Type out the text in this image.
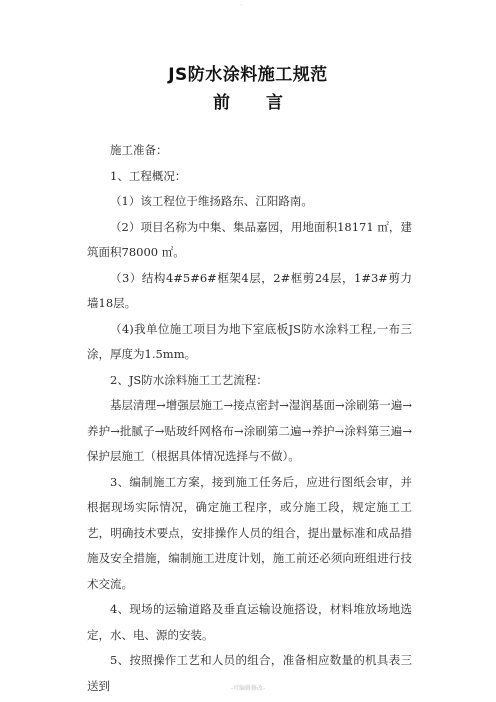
.
JS防水涂料施工规范
前 言

施工准备：

1、工程概况：

（1）该工程位于维扬路东、江阳路南。

（2）项目名称为中集、集品嘉园，用地面积18171 ㎡，建筑面积78000 ㎡。

（3）结构4#5#6#框架4层，2#框剪24层，1#3#剪力墙18层。

（4)我单位施工项目为地下室底板JS防水涂料工程,一布三涂，厚度为1.5mm。

2、JS防水涂料施工工艺流程：

基层清理→增强层施工→接点密封→湿润基面→涂刷第一遍→养护→批腻子→贴玻纤网格布→涂刷第二遍→养护→涂料第三遍→保护层施工（根据具体情况选择与不做）。

3、编制施工方案，接到施工任务后，应进行图纸会审，并根据现场实际情况，确定施工程序，或分施工段，规定施工工艺，明确技术要点，安排操作人员的组合，提出量标准和成品措施及安全措施，编制施工进度计划，施工前还必须向班组进行技术交流。

4、现场的运输道路及垂直运输设施搭设，材料堆放场地选定，水、电、源的安装。

5、按照操作工艺和人员的组合，准备相应数量的机具表三送到	-可编辑修改-
